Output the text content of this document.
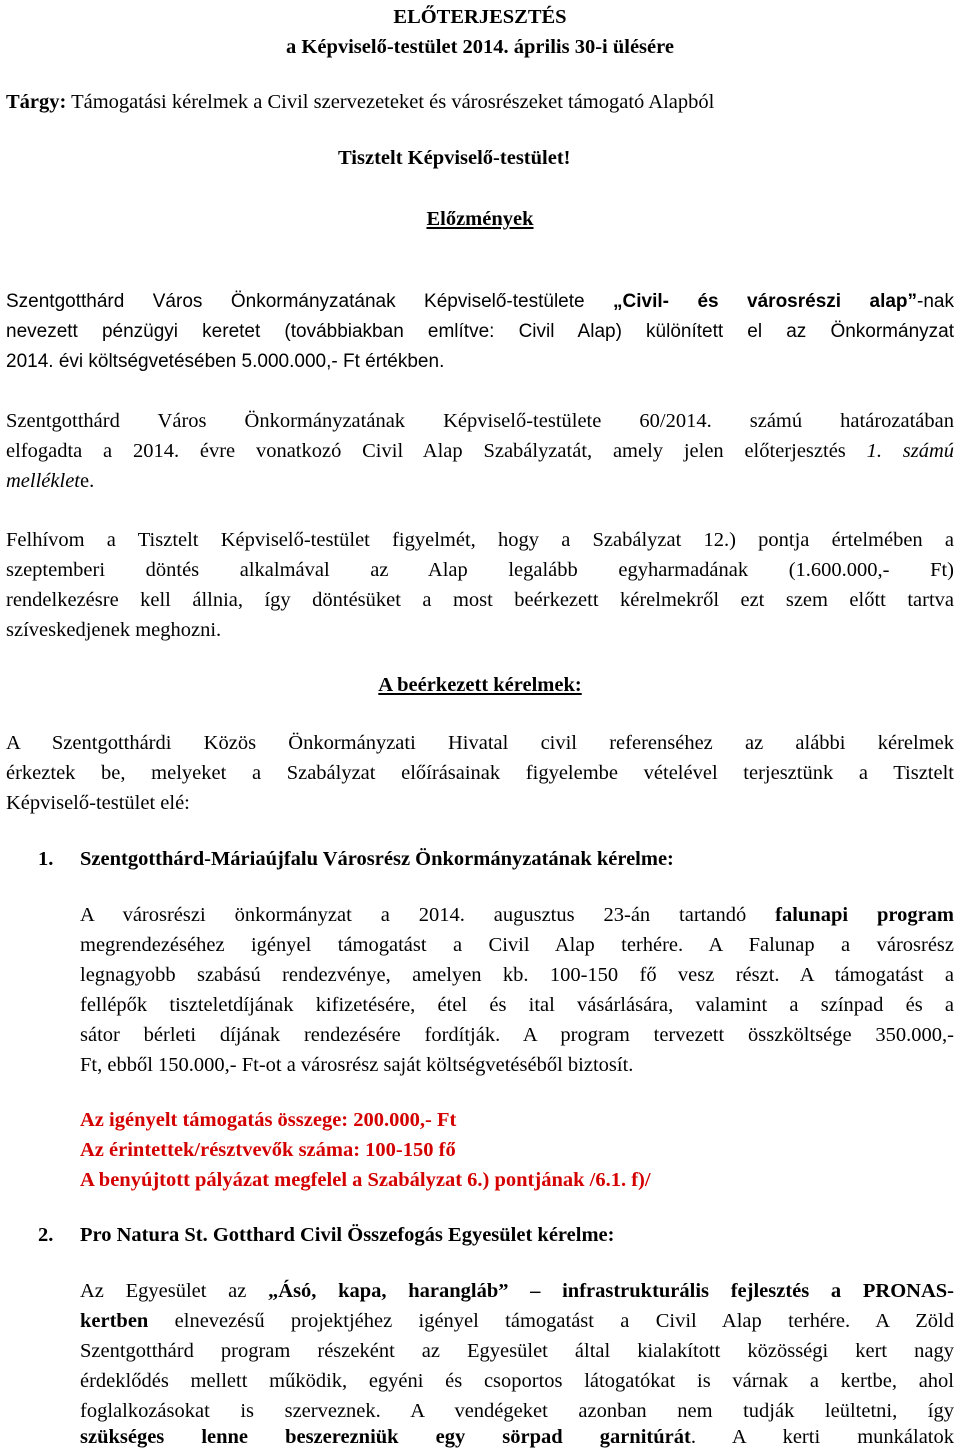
ELŐTERJESZTÉS
a Képviselő-testület 2014. április 30-i ülésére
Tárgy: Támogatási kérelmek a Civil szervezeteket és városrészeket támogató Alapból
Tisztelt Képviselő-testület!
Előzmények
Szentgotthárd Város Önkormányzatának Képviselő-testülete „Civil- és városrészi alap”-nak
nevezett pénzügyi keretet (továbbiakban említve: Civil Alap) különített el az Önkormányzat
2014. évi költségvetésében 5.000.000,- Ft értékben.
Szentgotthárd Város Önkormányzatának Képviselő-testülete 60/2014. számú határozatában
elfogadta a 2014. évre vonatkozó Civil Alap Szabályzatát, amely jelen előterjesztés 1. számú
melléklete.
Felhívom a Tisztelt Képviselő-testület figyelmét, hogy a Szabályzat 12.) pontja értelmében a
szeptemberi döntés alkalmával az Alap legalább egyharmadának (1.600.000,- Ft)
rendelkezésre kell állnia, így döntésüket a most beérkezett kérelmekről ezt szem előtt tartva
szíveskedjenek meghozni.
A beérkezett kérelmek:
A Szentgotthárdi Közös Önkormányzati Hivatal civil referenséhez az alábbi kérelmek
érkeztek be, melyeket a Szabályzat előírásainak figyelembe vételével terjesztünk a Tisztelt
Képviselő-testület elé:
1. Szentgotthárd-Máriaújfalu Városrész Önkormányzatának kérelme:
A városrészi önkormányzat a 2014. augusztus 23-án tartandó falunapi program
megrendezéséhez igényel támogatást a Civil Alap terhére. A Falunap a városrész
legnagyobb szabású rendezvénye, amelyen kb. 100-150 fő vesz részt. A támogatást a
fellépők tiszteletdíjának kifizetésére, étel és ital vásárlására, valamint a színpad és a
sátor bérleti díjának rendezésére fordítják. A program tervezett összköltsége 350.000,-
Ft, ebből 150.000,- Ft-ot a városrész saját költségvetéséből biztosít.
Az igényelt támogatás összege: 200.000,- Ft
Az érintettek/résztvevők száma: 100-150 fő
A benyújtott pályázat megfelel a Szabályzat 6.) pontjának /6.1. f)/
2. Pro Natura St. Gotthard Civil Összefogás Egyesület kérelme:
Az Egyesület az „Ásó, kapa, harangláb” – infrastrukturális fejlesztés a PRONAS-
kertben elnevezésű projektjéhez igényel támogatást a Civil Alap terhére. A Zöld
Szentgotthárd program részeként az Egyesület által kialakított közösségi kert nagy
érdeklődés mellett működik, egyéni és csoportos látogatókat is várnak a kertbe, ahol
foglalkozásokat is szerveznek. A vendégeket azonban nem tudják leültetni, így
szükséges lenne beszerezniük egy sörpad garnitúrát. A kerti munkálatok
